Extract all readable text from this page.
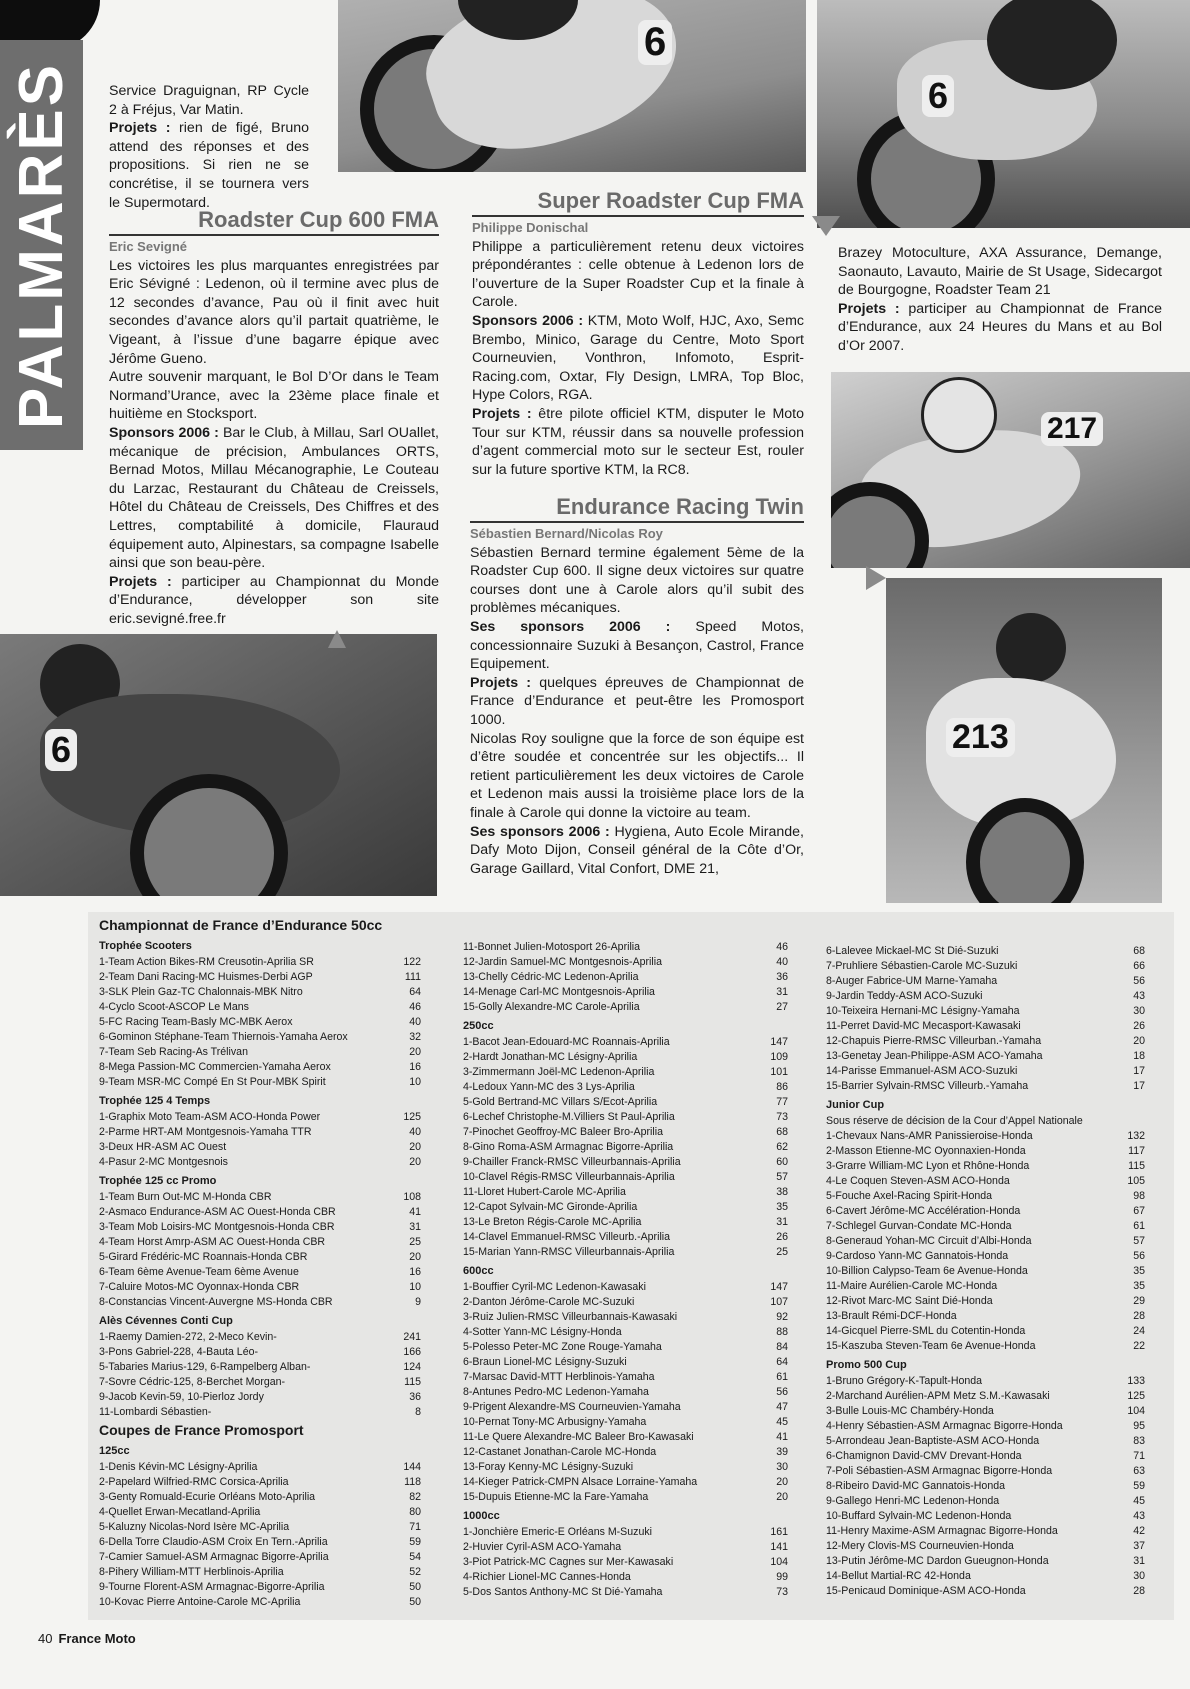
PALMARÈS
6
6
217
213
6

Service Draguignan, RP Cycle 2 à Fréjus, Var Matin.
Projets : rien de figé, Bruno attend des réponses et des propositions. Si rien ne se concrétise, il se tournera vers le Supermotard.

Roadster Cup 600 FMA
Eric Sevigné

Les victoires les plus marquantes enregistrées par Eric Sévigné : Ledenon, où il termine avec plus de 12 secondes d’avance, Pau où il finit avec huit secondes d’avance alors qu’il partait quatrième, le Vigeant, à l’issue d’une bagarre épique avec Jérôme Gueno.

Autre souvenir marquant, le Bol D’Or dans le Team Normand’Urance, avec la 23ème place finale et huitième en Stocksport.

Sponsors 2006 : Bar le Club, à Millau, Sarl OUallet, mécanique de précision, Ambulances ORTS, Bernad Motos, Millau Mécanographie, Le Couteau du Larzac, Restaurant du Château de Creissels, Hôtel du Château de Creissels, Des Chiffres et des Lettres, comptabilité à domicile, Flauraud équipement auto, Alpinestars, sa compagne Isabelle ainsi que son beau-père.

Projets : participer au Championnat du Monde d’Endurance, développer son site eric.sevigné.free.fr

Super Roadster Cup FMA
Philippe Donischal

Philippe a particulièrement retenu deux victoires prépondérantes : celle obtenue à Ledenon lors de l’ouverture de la Super Roadster Cup et la finale à Carole.

Sponsors 2006 : KTM, Moto Wolf, HJC, Axo, Semc Brembo, Minico, Garage du Centre, Moto Sport Courneuvien, Vonthron, Infomoto, Esprit-Racing.com, Oxtar, Fly Design, LMRA, Top Bloc, Hype Colors, RGA.

Projets : être pilote officiel KTM, disputer le Moto Tour sur KTM, réussir dans sa nouvelle profession d’agent commercial moto sur le secteur Est, rouler sur la future sportive KTM, la RC8.

Endurance Racing Twin
Sébastien Bernard/Nicolas Roy

Sébastien Bernard termine également 5ème de la Roadster Cup 600. Il signe deux victoires sur quatre courses dont une à Carole alors qu’il subit des problèmes mécaniques.

Ses sponsors 2006 : Speed Motos, concessionnaire Suzuki à Besançon, Castrol, France Equipement.

Projets : quelques épreuves de Championnat de France d’Endurance et peut-être les Promosport 1000.

Nicolas Roy souligne que la force de son équipe est d’être soudée et concentrée sur les objectifs... Il retient particulièrement les deux victoires de Carole et Ledenon mais aussi la troisième place lors de la finale à Carole qui donne la victoire au team.

Ses sponsors 2006 : Hygiena, Auto Ecole Mirande, Dafy Moto Dijon, Conseil général de la Côte d’Or, Garage Gaillard, Vital Confort, DME 21,

Brazey Motoculture, AXA Assurance, Demange, Saonauto, Lavauto, Mairie de St Usage, Sidecargot de Bourgogne, Roadster Team 21

Projets : participer au Championnat de France d’Endurance, aux 24 Heures du Mans et au Bol d’Or 2007.

Championnat de France d’Endurance 50cc
Trophée Scooters
1-Team Action Bikes-RM Creusotin-Aprilia SR	122
2-Team Dani Racing-MC Huismes-Derbi AGP	111
3-SLK Plein Gaz-TC Chalonnais-MBK Nitro	64
4-Cyclo Scoot-ASCOP Le Mans	46
5-FC Racing Team-Basly MC-MBK Aerox	40
6-Gominon Stéphane-Team Thiernois-Yamaha Aerox	32
7-Team Seb Racing-As Trélivan	20
8-Mega Passion-MC Commercien-Yamaha Aerox	16
9-Team MSR-MC Compé En St Pour-MBK Spirit	10
Trophée 125 4 Temps
1-Graphix Moto Team-ASM ACO-Honda Power	125
2-Parme HRT-AM Montgesnois-Yamaha TTR	40
3-Deux HR-ASM AC Ouest	20
4-Pasur 2-MC Montgesnois	20
Trophée 125 cc Promo
1-Team Burn Out-MC M-Honda CBR	108
2-Asmaco Endurance-ASM AC Ouest-Honda CBR	41
3-Team Mob Loisirs-MC Montgesnois-Honda CBR	31
4-Team Horst Amrp-ASM AC Ouest-Honda CBR	25
5-Girard Frédéric-MC Roannais-Honda CBR	20
6-Team 6ème Avenue-Team 6ème Avenue	16
7-Caluire Motos-MC Oyonnax-Honda CBR	10
8-Constancias Vincent-Auvergne MS-Honda CBR	9
Alès Cévennes Conti Cup
1-Raemy Damien-272, 2-Meco Kevin-	241
3-Pons Gabriel-228, 4-Bauta Léo-	166
5-Tabaries Marius-129, 6-Rampelberg Alban-	124
7-Sovre Cédric-125, 8-Berchet Morgan-	115
9-Jacob Kevin-59, 10-Pierloz Jordy	36
11-Lombardi Sébastien-	8
Coupes de France Promosport
125cc
1-Denis Kévin-MC Lésigny-Aprilia	144
2-Papelard Wilfried-RMC Corsica-Aprilia	118
3-Genty Romuald-Ecurie Orléans Moto-Aprilia	82
4-Quellet Erwan-Mecatland-Aprilia	80
5-Kaluzny Nicolas-Nord Isère MC-Aprilia	71
6-Della Torre Claudio-ASM Croix En Tern.-Aprilia	59
7-Camier Samuel-ASM Armagnac Bigorre-Aprilia	54
8-Pihery William-MTT Herblinois-Aprilia	52
9-Tourne Florent-ASM Armagnac-Bigorre-Aprilia	50
10-Kovac Pierre Antoine-Carole MC-Aprilia	50
11-Bonnet Julien-Motosport 26-Aprilia	46
12-Jardin Samuel-MC Montgesnois-Aprilia	40
13-Chelly Cédric-MC Ledenon-Aprilia	36
14-Menage Carl-MC Montgesnois-Aprilia	31
15-Golly Alexandre-MC Carole-Aprilia	27
250cc
1-Bacot Jean-Edouard-MC Roannais-Aprilia	147
2-Hardt Jonathan-MC Lésigny-Aprilia	109
3-Zimmermann Joël-MC Ledenon-Aprilia	101
4-Ledoux Yann-MC des 3 Lys-Aprilia	86
5-Gold Bertrand-MC Villars S/Ecot-Aprilia	77
6-Lechef Christophe-M.Villiers St Paul-Aprilia	73
7-Pinochet Geoffroy-MC Baleer Bro-Aprilia	68
8-Gino Roma-ASM Armagnac Bigorre-Aprilia	62
9-Chailler Franck-RMSC Villeurbannais-Aprilia	60
10-Clavel Régis-RMSC Villeurbannais-Aprilia	57
11-Lloret Hubert-Carole MC-Aprilia	38
12-Capot Sylvain-MC Gironde-Aprilia	35
13-Le Breton Régis-Carole MC-Aprilia	31
14-Clavel Emmanuel-RMSC Villeurb.-Aprilia	26
15-Marian Yann-RMSC Villeurbannais-Aprilia	25
600cc
1-Bouffier Cyril-MC Ledenon-Kawasaki	147
2-Danton Jérôme-Carole MC-Suzuki	107
3-Ruiz Julien-RMSC Villeurbannais-Kawasaki	92
4-Sotter Yann-MC Lésigny-Honda	88
5-Polesso Peter-MC Zone Rouge-Yamaha	84
6-Braun Lionel-MC Lésigny-Suzuki	64
7-Marsac David-MTT Herblinois-Yamaha	61
8-Antunes Pedro-MC Ledenon-Yamaha	56
9-Prigent Alexandre-MS Courneuvien-Yamaha	47
10-Pernat Tony-MC Arbusigny-Yamaha	45
11-Le Quere Alexandre-MC Baleer Bro-Kawasaki	41
12-Castanet Jonathan-Carole MC-Honda	39
13-Foray Kenny-MC Lésigny-Suzuki	30
14-Kieger Patrick-CMPN Alsace Lorraine-Yamaha	20
15-Dupuis Etienne-MC la Fare-Yamaha	20
1000cc
1-Jonchière Emeric-E Orléans M-Suzuki	161
2-Huvier Cyril-ASM ACO-Yamaha	141
3-Piot Patrick-MC Cagnes sur Mer-Kawasaki	104
4-Richier Lionel-MC Cannes-Honda	99
5-Dos Santos Anthony-MC St Dié-Yamaha	73
6-Lalevee Mickael-MC St Dié-Suzuki	68
7-Pruhliere Sébastien-Carole MC-Suzuki	66
8-Auger Fabrice-UM Marne-Yamaha	56
9-Jardin Teddy-ASM ACO-Suzuki	43
10-Teixeira Hernani-MC Lésigny-Yamaha	30
11-Perret David-MC Mecasport-Kawasaki	26
12-Chapuis Pierre-RMSC Villeurban.-Yamaha	20
13-Genetay Jean-Philippe-ASM ACO-Yamaha	18
14-Parisse Emmanuel-ASM ACO-Suzuki	17
15-Barrier Sylvain-RMSC Villeurb.-Yamaha	17
Junior Cup
Sous réserve de décision de la Cour d’Appel Nationale
1-Chevaux Nans-AMR Panissieroise-Honda	132
2-Masson Etienne-MC Oyonnaxien-Honda	117
3-Grarre William-MC Lyon et Rhône-Honda	115
4-Le Coquen Steven-ASM ACO-Honda	105
5-Fouche Axel-Racing Spirit-Honda	98
6-Cavert Jérôme-MC Accélération-Honda	67
7-Schlegel Gurvan-Condate MC-Honda	61
8-Generaud Yohan-MC Circuit d’Albi-Honda	57
9-Cardoso Yann-MC Gannatois-Honda	56
10-Billion Calypso-Team 6e Avenue-Honda	35
11-Maire Aurélien-Carole MC-Honda	35
12-Rivot Marc-MC Saint Dié-Honda	29
13-Brault Rémi-DCF-Honda	28
14-Gicquel Pierre-SML du Cotentin-Honda	24
15-Kaszuba Steven-Team 6e Avenue-Honda	22
Promo 500 Cup
1-Bruno Grégory-K-Tapult-Honda	133
2-Marchand Aurélien-APM Metz S.M.-Kawasaki	125
3-Bulle Louis-MC Chambéry-Honda	104
4-Henry Sébastien-ASM Armagnac Bigorre-Honda	95
5-Arrondeau Jean-Baptiste-ASM ACO-Honda	83
6-Chamignon David-CMV Drevant-Honda	71
7-Poli Sébastien-ASM Armagnac Bigorre-Honda	63
8-Ribeiro David-MC Gannatois-Honda	59
9-Gallego Henri-MC Ledenon-Honda	45
10-Buffard Sylvain-MC Ledenon-Honda	43
11-Henry Maxime-ASM Armagnac Bigorre-Honda	42
12-Mery Clovis-MS Courneuvien-Honda	37
13-Putin Jérôme-MC Dardon Gueugnon-Honda	31
14-Bellut Martial-RC 42-Honda	30
15-Penicaud Dominique-ASM ACO-Honda	28
40 France Moto
